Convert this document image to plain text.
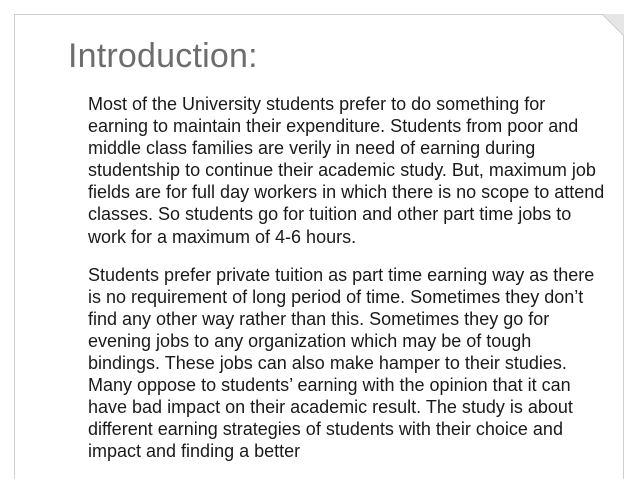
Introduction:

Most of the University students prefer to do something for earning to maintain their expenditure. Students from poor and middle class families are verily in need of earning during studentship to continue their academic study. But, maximum job fields are for full day workers in which there is no scope to attend classes. So students go for tuition and other part time jobs to work for a maximum of 4-6 hours.

Students prefer private tuition as part time earning way as there is no requirement of long period of time. Sometimes they don’t find any other way rather than this. Sometimes they go for evening jobs to any organization which may be of tough bindings. These jobs can also make hamper to their studies. Many oppose to students’ earning with the opinion that it can have bad impact on their academic result. The study is about different earning strategies of students with their choice and impact and finding a better
